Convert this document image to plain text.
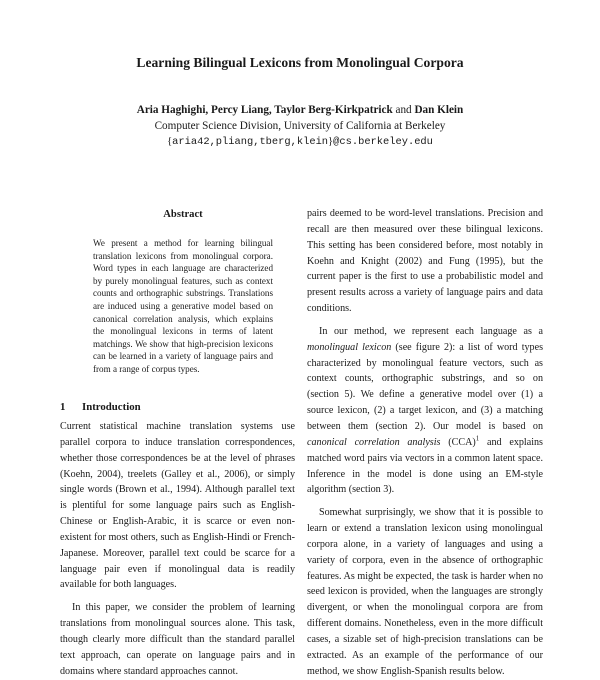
Learning Bilingual Lexicons from Monolingual Corpora
Aria Haghighi, Percy Liang, Taylor Berg-Kirkpatrick and Dan Klein
Computer Science Division, University of California at Berkeley
{aria42,pliang,tberg,klein}@cs.berkeley.edu
Abstract
We present a method for learning bilingual translation lexicons from monolingual corpora. Word types in each language are characterized by purely monolingual features, such as context counts and orthographic substrings. Translations are induced using a generative model based on canonical correlation analysis, which explains the monolingual lexicons in terms of latent matchings. We show that high-precision lexicons can be learned in a variety of language pairs and from a range of corpus types.
1 Introduction

Current statistical machine translation systems use parallel corpora to induce translation correspondences, whether those correspondences be at the level of phrases (Koehn, 2004), treelets (Galley et al., 2006), or simply single words (Brown et al., 1994). Although parallel text is plentiful for some language pairs such as English-Chinese or English-Arabic, it is scarce or even non-existent for most others, such as English-Hindi or French-Japanese. Moreover, parallel text could be scarce for a language pair even if monolingual data is readily available for both languages.

In this paper, we consider the problem of learning translations from monolingual sources alone. This task, though clearly more difficult than the standard parallel text approach, can operate on language pairs and in domains where standard approaches cannot.

pairs deemed to be word-level translations. Precision and recall are then measured over these bilingual lexicons. This setting has been considered before, most notably in Koehn and Knight (2002) and Fung (1995), but the current paper is the first to use a probabilistic model and present results across a variety of language pairs and data conditions.

In our method, we represent each language as a monolingual lexicon (see figure 2): a list of word types characterized by monolingual feature vectors, such as context counts, orthographic substrings, and so on (section 5). We define a generative model over (1) a source lexicon, (2) a target lexicon, and (3) a matching between them (section 2). Our model is based on canonical correlation analysis (CCA)$^1$ and explains matched word pairs via vectors in a common latent space. Inference in the model is done using an EM-style algorithm (section 3).

Somewhat surprisingly, we show that it is possible to learn or extend a translation lexicon using monolingual corpora alone, in a variety of languages and using a variety of corpora, even in the absence of orthographic features. As might be expected, the task is harder when no seed lexicon is provided, when the languages are strongly divergent, or when the monolingual corpora are from different domains. Nonetheless, even in the more difficult cases, a sizable set of high-precision translations can be extracted. As an example of the performance of our method, we show English-Spanish results below.
